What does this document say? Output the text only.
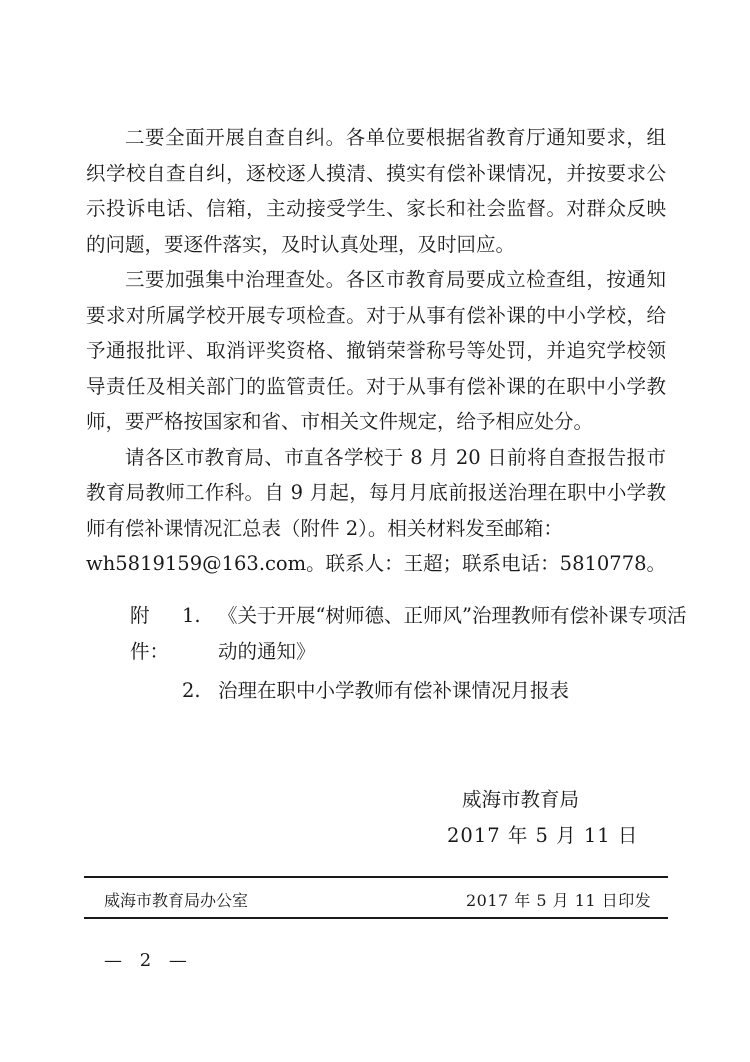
二要全面开展自查自纠。各单位要根据省教育厅通知要求，组织学校自查自纠，逐校逐人摸清、摸实有偿补课情况，并按要求公示投诉电话、信箱，主动接受学生、家长和社会监督。对群众反映的问题，要逐件落实，及时认真处理，及时回应。

三要加强集中治理查处。各区市教育局要成立检查组，按通知要求对所属学校开展专项检查。对于从事有偿补课的中小学校，给予通报批评、取消评奖资格、撤销荣誉称号等处罚，并追究学校领导责任及相关部门的监管责任。对于从事有偿补课的在职中小学教师，要严格按国家和省、市相关文件规定，给予相应处分。

请各区市教育局、市直各学校于 8 月 20 日前将自查报告报市教育局教师工作科。自 9 月起，每月月底前报送治理在职中小学教师有偿补课情况汇总表（附件 2）。相关材料发至邮箱：

wh5819159@163.com。联系人：王超；联系电话：5810778。

附件：
1. 《关于开展“树师德、正师风”治理教师有偿补课专项活动的通知》
2. 治理在职中小学教师有偿补课情况月报表
威海市教育局
2017 年 5 月 11 日
威海市教育局办公室	2017 年 5 月 11 日印发
— 2 —
